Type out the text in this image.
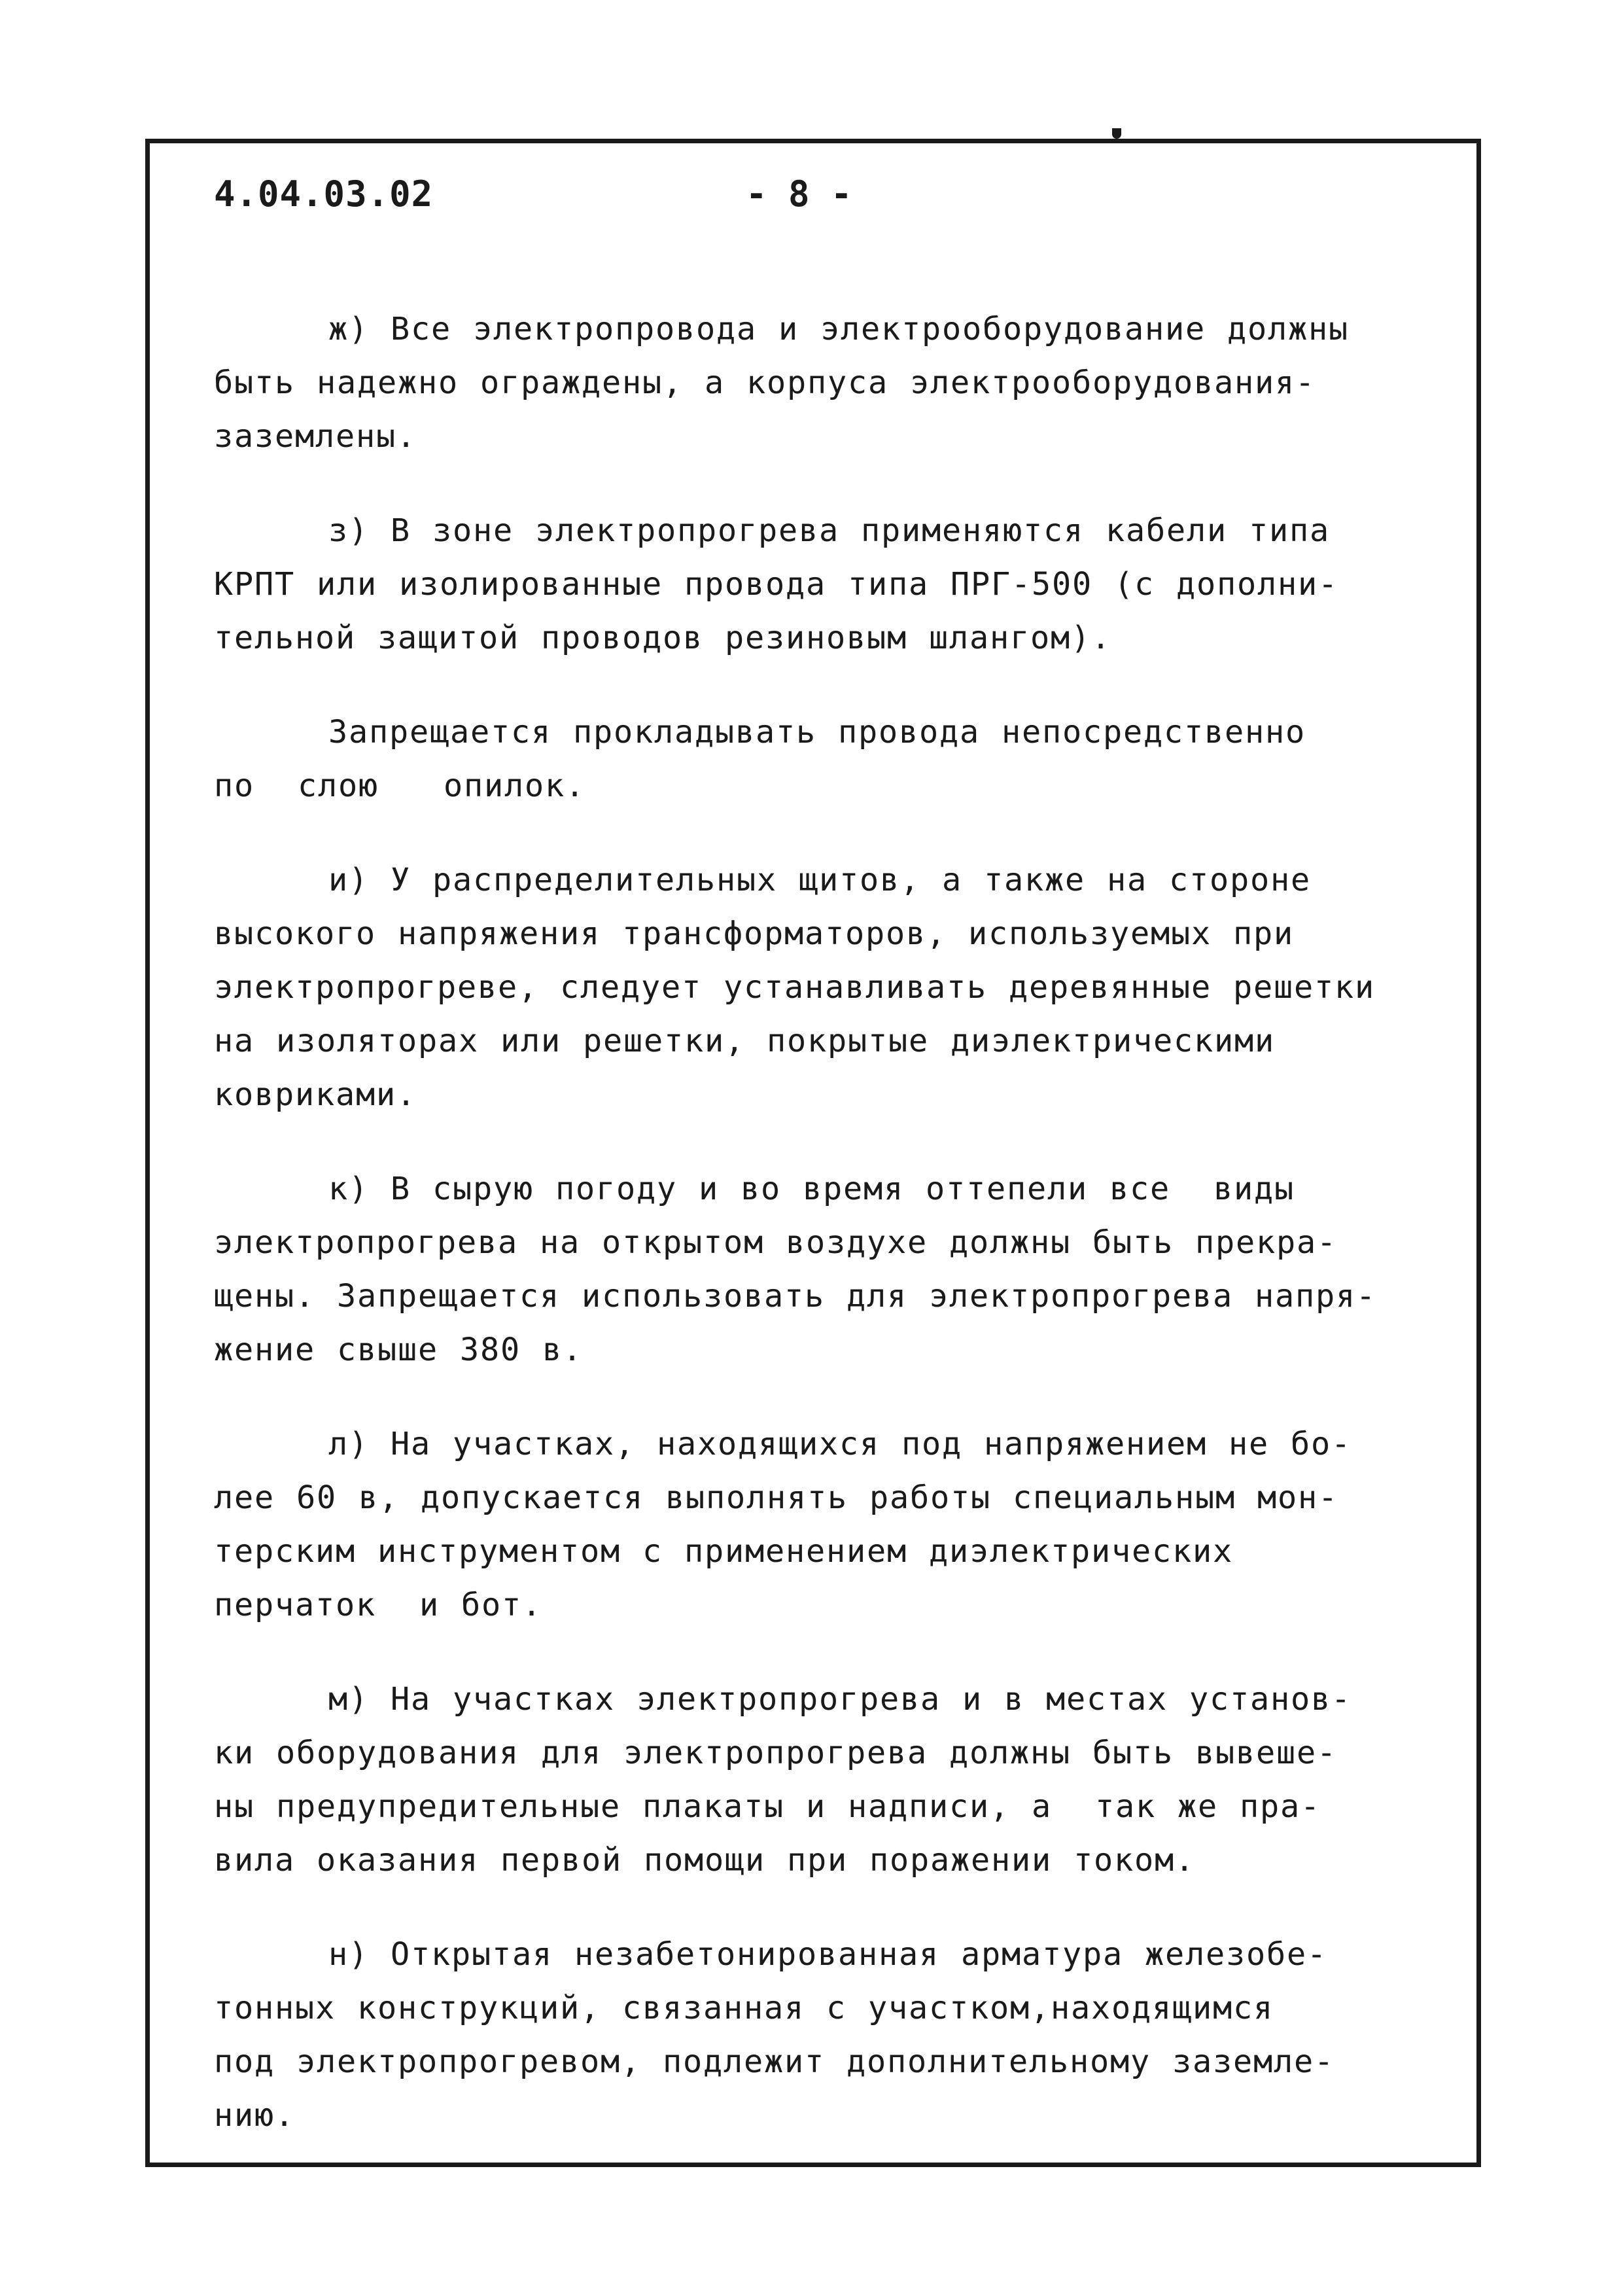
4.04.03.02	- 8 -

ж) Все электропровода и электрооборудование должны
быть надежно ограждены, а корпуса электрооборудования-
заземлены.

з) В зоне электропрогрева применяются кабели типа
КРПТ или изолированные провода типа ПРГ-500 (с дополни-
тельной защитой проводов резиновым шлангом).

Запрещается прокладывать провода непосредственно
по  слою   опилок.

и) У распределительных щитов, а также на стороне
высокого напряжения трансформаторов, используемых при
электропрогреве, следует устанавливать деревянные решетки
на изоляторах или решетки, покрытые диэлектрическими
ковриками.

к) В сырую погоду и во время оттепели все  виды
электропрогрева на открытом воздухе должны быть прекра-
щены. Запрещается использовать для электропрогрева напря-
жение свыше 380 в.

л) На участках, находящихся под напряжением не бо-
лее 60 в, допускается выполнять работы специальным мон-
терским инструментом с применением диэлектрических
перчаток  и бот.

м) На участках электропрогрева и в местах установ-
ки оборудования для электропрогрева должны быть вывеше-
ны предупредительные плакаты и надписи, а  так же пра-
вила оказания первой помощи при поражении током.

н) Открытая незабетонированная арматура железобе-
тонных конструкций, связанная с участком,находящимся
под электропрогревом, подлежит дополнительному заземле-
нию.
